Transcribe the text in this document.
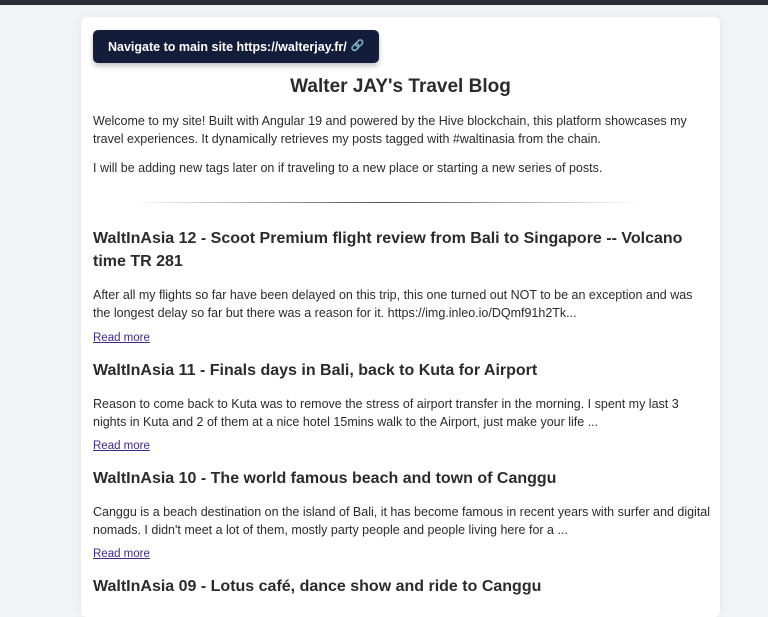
Navigate to main site https://walterjay.fr/ 🔗
Walter JAY's Travel Blog

Welcome to my site! Built with Angular 19 and powered by the Hive blockchain, this platform showcases my travel experiences. It dynamically retrieves my posts tagged with #waltinasia from the chain.

I will be adding new tags later on if traveling to a new place or starting a new series of posts.

WaltInAsia 12 - Scoot Premium flight review from Bali to Singapore -- Volcano time TR 281

After all my flights so far have been delayed on this trip, this one turned out NOT to be an exception and was the longest delay so far but there was a reason for it. https://img.inleo.io/DQmf91h2Tk...

Read more
WaltInAsia 11 - Finals days in Bali, back to Kuta for Airport

Reason to come back to Kuta was to remove the stress of airport transfer in the morning. I spent my last 3 nights in Kuta and 2 of them at a nice hotel 15mins walk to the Airport, just make your life ...

Read more
WaltInAsia 10 - The world famous beach and town of Canggu

Canggu is a beach destination on the island of Bali, it has become famous in recent years with surfer and digital nomads. I didn't meet a lot of them, mostly party people and people living here for a ...

Read more
WaltInAsia 09 - Lotus café, dance show and ride to Canggu
